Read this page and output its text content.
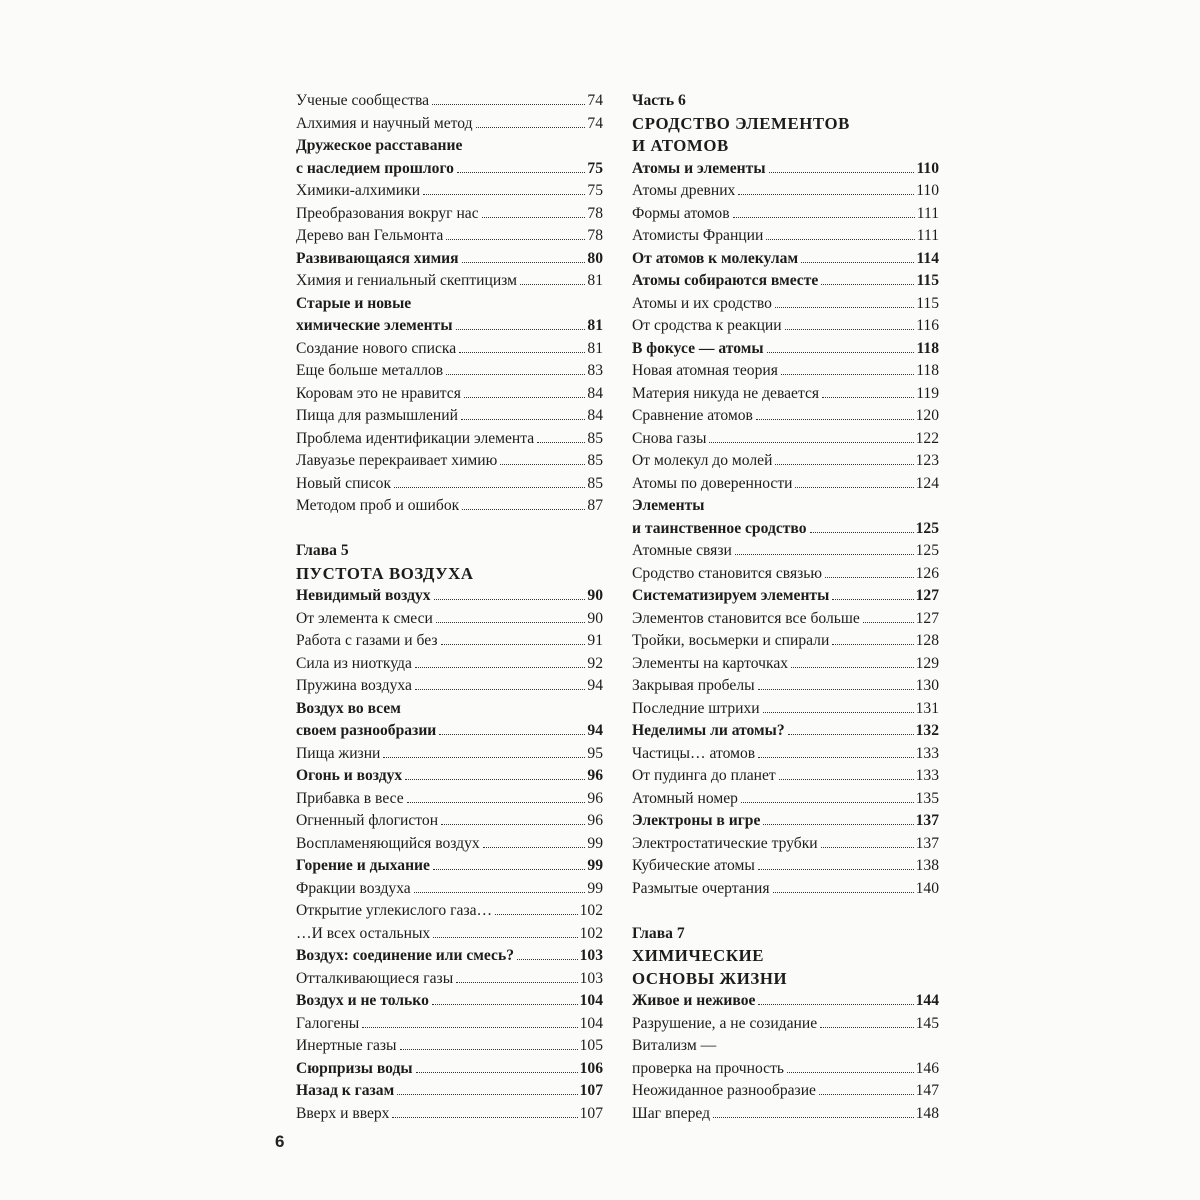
Ученые сообщества	74
Алхимия и научный метод	74
Дружеское расставание
с наследием прошлого	75
Химики-алхимики	75
Преобразования вокруг нас	78
Дерево ван Гельмонта	78
Развивающаяся химия	80
Химия и гениальный скептицизм	81
Старые и новые
химические элементы	81
Создание нового списка	81
Еще больше металлов	83
Коровам это не нравится	84
Пища для размышлений	84
Проблема идентификации элемента	85
Лавуазье перекраивает химию	85
Новый список	85
Методом проб и ошибок	87
Глава 5
ПУСТОТА ВОЗДУХА
Невидимый воздух	90
От элемента к смеси	90
Работа с газами и без	91
Сила из ниоткуда	92
Пружина воздуха	94
Воздух во всем
своем разнообразии	94
Пища жизни	95
Огонь и воздух	96
Прибавка в весе	96
Огненный флогистон	96
Воспламеняющийся воздух	99
Горение и дыхание	99
Фракции воздуха	99
Открытие углекислого газа…	102
…И всех остальных	102
Воздух: соединение или смесь?	103
Отталкивающиеся газы	103
Воздух и не только	104
Галогены	104
Инертные газы	105
Сюрпризы воды	106
Назад к газам	107
Вверх и вверх	107
Часть 6
СРОДСТВО ЭЛЕМЕНТОВ
И АТОМОВ
Атомы и элементы	110
Атомы древних	110
Формы атомов	111
Атомисты Франции	111
От атомов к молекулам	114
Атомы собираются вместе	115
Атомы и их сродство	115
От сродства к реакции	116
В фокусе — атомы	118
Новая атомная теория	118
Материя никуда не девается	119
Сравнение атомов	120
Снова газы	122
От молекул до молей	123
Атомы по доверенности	124
Элементы
и таинственное сродство	125
Атомные связи	125
Сродство становится связью	126
Систематизируем элементы	127
Элементов становится все больше	127
Тройки, восьмерки и спирали	128
Элементы на карточках	129
Закрывая пробелы	130
Последние штрихи	131
Неделимы ли атомы?	132
Частицы… атомов	133
От пудинга до планет	133
Атомный номер	135
Электроны в игре	137
Электростатические трубки	137
Кубические атомы	138
Размытые очертания	140
Глава 7
ХИМИЧЕСКИЕ
ОСНОВЫ ЖИЗНИ
Живое и неживое	144
Разрушение, а не созидание	145
Витализм —
проверка на прочность	146
Неожиданное разнообразие	147
Шаг вперед	148
6
